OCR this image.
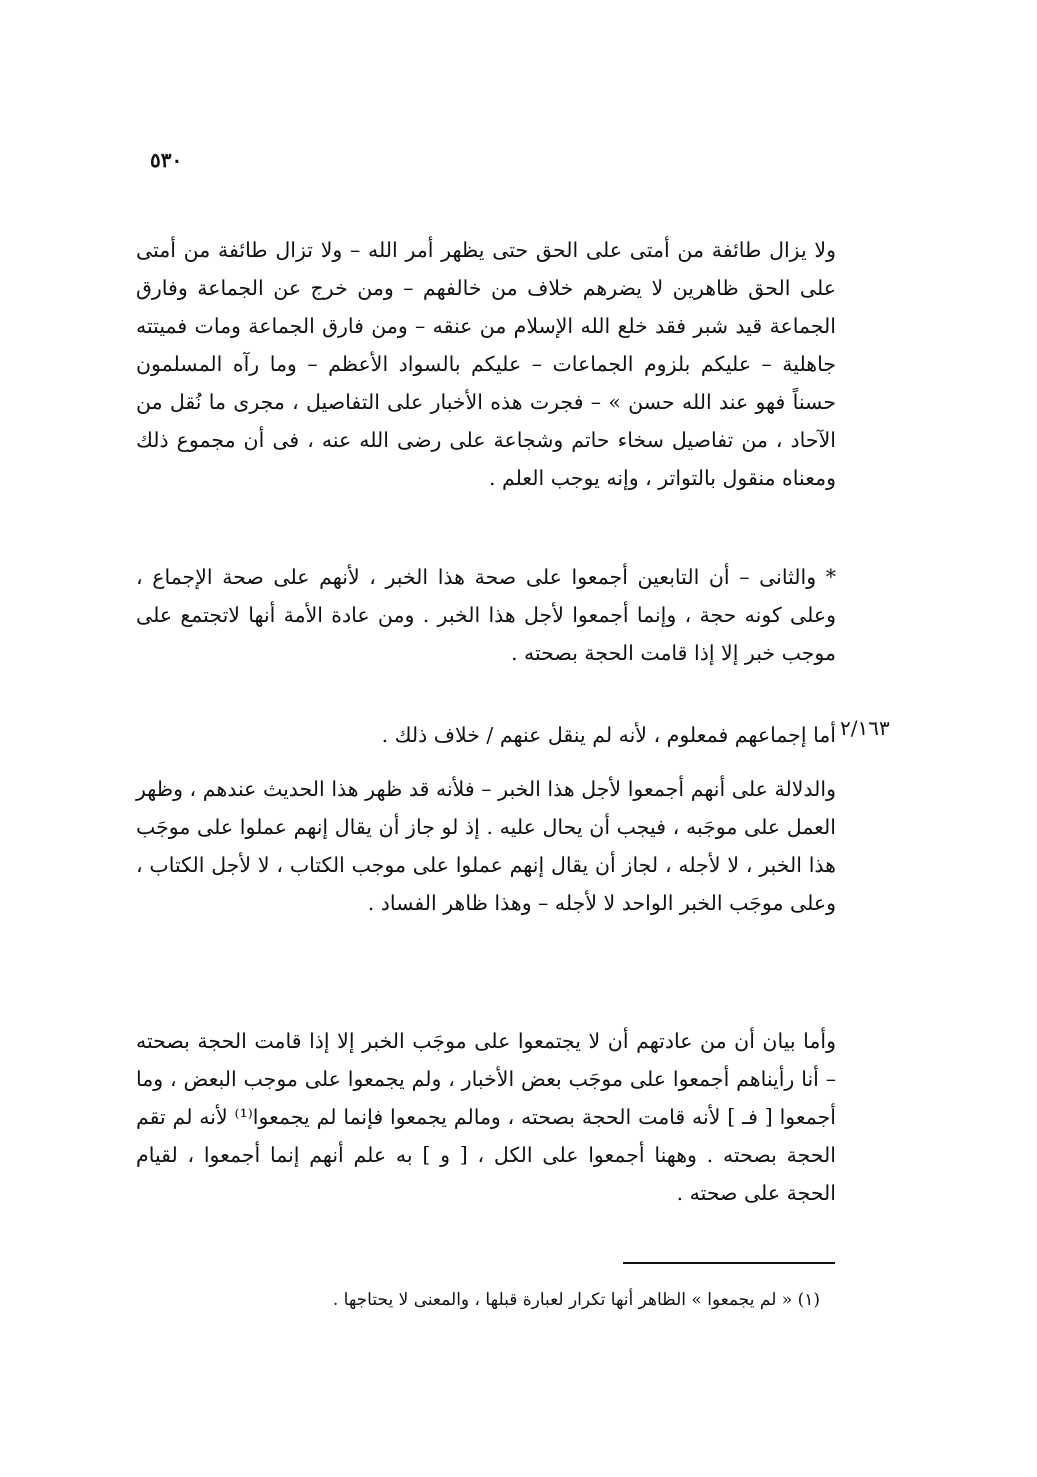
٥٣٠

ولا يزال طائفة من أمتى على الحق حتى يظهر أمر الله – ولا تزال طائفة من أمتى على الحق ظاهرين لا يضرهم خلاف من خالفهم – ومن خرج عن الجماعة وفارق الجماعة قيد شبر فقد خلع الله الإسلام من عنقه – ومن فارق الجماعة ومات فميتته جاهلية – عليكم بلزوم الجماعات – عليكم بالسواد الأعظم – وما رآه المسلمون حسناً فهو عند الله حسن » – فجرت هذه الأخبار على التفاصيل ، مجرى ما نُقل من الآحاد ، من تفاصيل سخاء حاتم وشجاعة على رضى الله عنه ، فى أن مجموع ذلك ومعناه منقول بالتواتر ، وإنه يوجب العلم .

* والثانى – أن التابعين أجمعوا على صحة هذا الخبر ، لأنهم على صحة الإجماع ، وعلى كونه حجة ، وإنما أجمعوا لأجل هذا الخبر . ومن عادة الأمة أنها لاتجتمع على موجب خبر إلا إذا قامت الحجة بصحته .

٢/١٦٣

أما إجماعهم فمعلوم ، لأنه لم ينقل عنهم / خلاف ذلك .

والدلالة على أنهم أجمعوا لأجل هذا الخبر – فلأنه قد ظهر هذا الحديث عندهم ، وظهر العمل على موجَبه ، فيجب أن يحال عليه . إذ لو جاز أن يقال إنهم عملوا على موجَب هذا الخبر ، لا لأجله ، لجاز أن يقال إنهم عملوا على موجب الكتاب ، لا لأجل الكتاب ، وعلى موجَب الخبر الواحد لا لأجله – وهذا ظاهر الفساد .

وأما بيان أن من عادتهم أن لا يجتمعوا على موجَب الخبر إلا إذا قامت الحجة بصحته – أنا رأيناهم أجمعوا على موجَب بعض الأخبار ، ولم يجمعوا على موجب البعض ، وما أجمعوا [ فـ ] لأنه قامت الحجة بصحته ، ومالم يجمعوا فإنما لم يجمعوا⁽¹⁾ لأنه لم تقم الحجة بصحته . وههنا أجمعوا على الكل ، [ و ] به علم أنهم إنما أجمعوا ، لقيام الحجة على صحته .

(١) « لم يجمعوا » الظاهر أنها تكرار لعبارة قبلها ، والمعنى لا يحتاجها .
